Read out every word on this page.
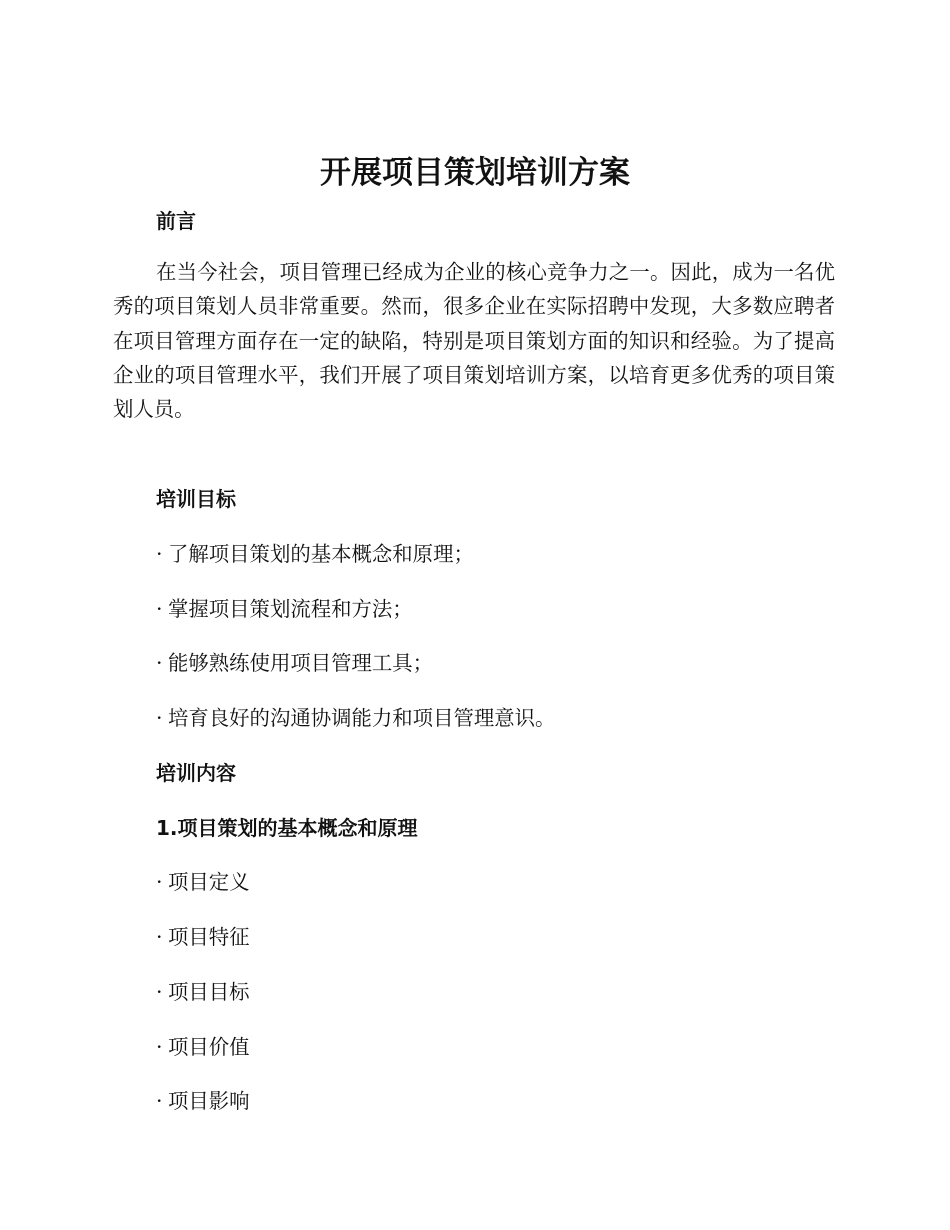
开展项目策划培训方案
前言

在当今社会，项目管理已经成为企业的核心竞争力之一。因此，成为一名优秀的项目策划人员非常重要。然而，很多企业在实际招聘中发现，大多数应聘者在项目管理方面存在一定的缺陷，特别是项目策划方面的知识和经验。为了提高企业的项目管理水平，我们开展了项目策划培训方案，以培育更多优秀的项目策划人员。

培训目标

· 了解项目策划的基本概念和原理；

· 掌握项目策划流程和方法；

· 能够熟练使用项目管理工具；

· 培育良好的沟通协调能力和项目管理意识。

培训内容
1.项目策划的基本概念和原理

· 项目定义

· 项目特征

· 项目目标

· 项目价值

· 项目影响
